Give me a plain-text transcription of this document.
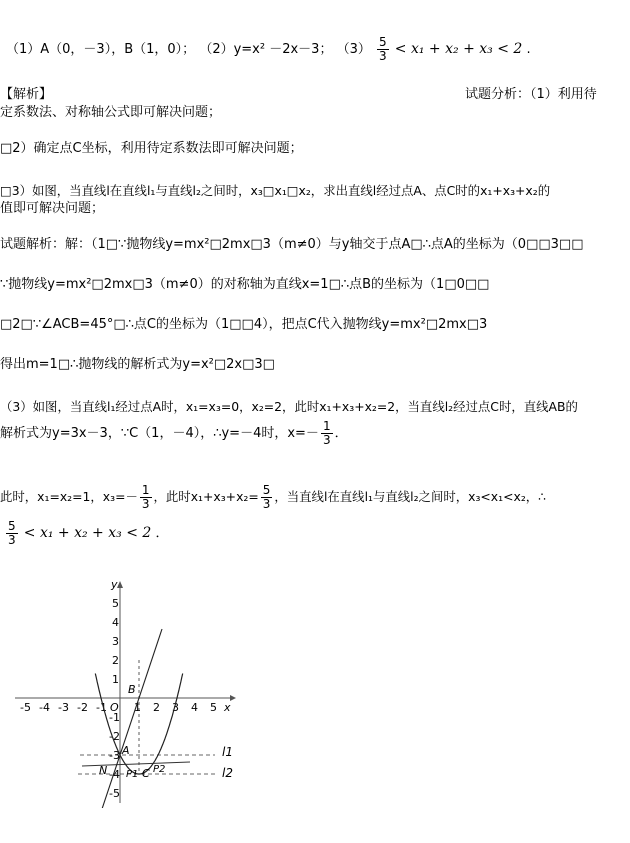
（1）A（0，－3），B（1，0）； （2）y=x² －2x－3； $(3) \frac{5}{3} < x_1 + x_2 + x_3 < 2$ .
【解析】	试题分析：（1）利用待
定系数法、对称轴公式即可解决问题；
□2）确定点C坐标，利用待定系数法即可解决问题；
□3）如图，当直线l在直线l₁与直线l₂之间时，x₃□x₁□x₂，求出直线l经过点A、点C时的x₁+x₃+x₂的
值即可解决问题；
试题解析：解：（1□∵抛物线y=mx²□2mx□3（m≠0）与y轴交于点A□∴点A的坐标为（0□□3□□
∵抛物线y=mx²□2mx□3（m≠0）的对称轴为直线x=1□∴点B的坐标为（1□0□□
□2□∵∠ACB=45°□∴点C的坐标为（1□□4），把点C代入抛物线y=mx²□2mx□3
得出m=1□∴抛物线的解析式为y=x²□2x□3□
（3）如图，当直线l₁经过点A时，x₁=x₃=0，x₂=2，此时x₁+x₃+x₂=2，当直线l₂经过点C时，直线AB的
解析式为y=3x－3，∵C（1，－4），∴y=－4时，$x=- \frac{1}{3}$ ．
此时，x₁=x₂=1，$x_3=- \frac{1}{3}$ ，此时$x_1+x_3+x_2= \frac{5}{3}$ ，当直线l在直线l₁与直线l₂之间时，x₃<x₁<x₂，∴
$\frac{5}{3} < x_1 + x_2 + x_3 < 2$ ．
x
y
-5 -4 -3 -2 -1 1 2 3 4 5
5
4
3
2
1
-1
-2
-3
-4
-5
O
B
A
N P1 C P2
l1
l2
